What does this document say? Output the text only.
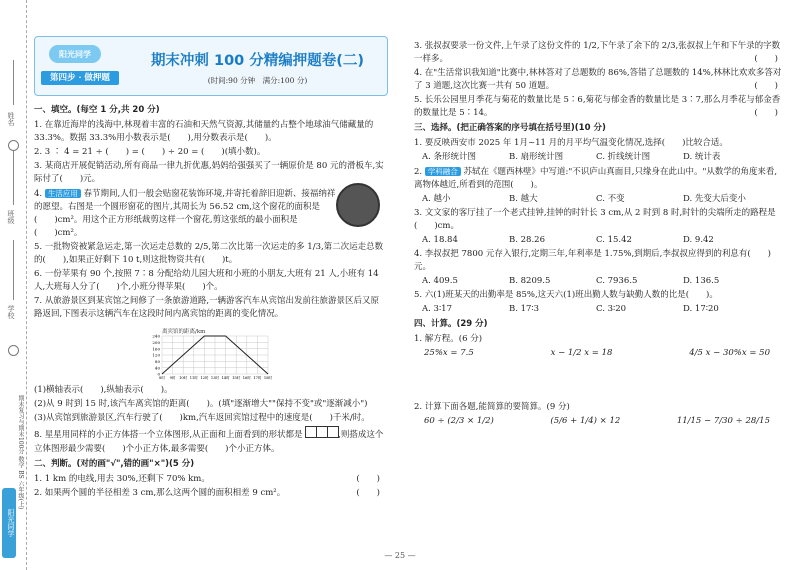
姓名
班级
学校
期末复习与期末100分 数学 BS 六年级(上)
阳光同学
阳光同学
第四步 · 做押题
期末冲刺 100 分精编押题卷(二)
(时间:90 分钟　满分:100 分)
一、填空。(每空 1 分,共 20 分)
1. 在靠近海岸的浅海中,林现着丰富的石油和天然气资源,其储量约占整个地球油气储藏量的 33.3%。数据 33.3%用小数表示是(　　),用分数表示是(　　)。
2. 3 ∶ 4 = 21 ÷ (　　) = (　　) ÷ 20 = (　　)(填小数)。
3. 某商店开展促销活动,所有商品一律九折优惠,妈妈给强强买了一辆原价是 80 元的滑板车,实际付了(　　)元。
4. 生活应用 春节期间,人们一般会贴窗花装饰环境,并寄托着辞旧迎新、接福纳祥的愿望。右图是一个圆形窗花的图片,其周长为 56.52 cm,这个窗花的面积是(　　)cm²。用这个正方形纸裁剪这样一个窗花,剪这张纸的最小面积是(　　)cm²。
5. 一批物资被紧急运走,第一次运走总数的 2/5,第二次比第一次运走的多 1/3,第二次运走总数的(　　),如果正好剩下 10 t,则这批物资共有(　　)t。
6. 一份苹果有 90 个,按照 7∶8 分配给幼儿园大班和小班的小朋友,大班有 21 人,小班有 14 人,大班每人分了(　　)个,小班分得苹果(　　)个。
7. 从旅游景区到某宾馆之间修了一条旅游道路,一辆游客汽车从宾馆出发前往旅游景区后又原路返回,下图表示这辆汽车在这段时间内离宾馆的距离的变化情况。
(1)横轴表示(　　),纵轴表示(　　)。
(2)从 9 时到 15 时,该汽车离宾馆的距离(　　)。(填"逐渐增大""保持不变"或"逐渐减小")
(3)从宾馆到旅游景区,汽车行驶了(　　)km,汽车返回宾馆过程中的速度是(　　)千米/时。
8. 星星用同样的小正方体搭一个立体图形,从正面和上面看到的形状都是	,则搭成这个立体图形最少需要(　　)个小正方体,最多需要(　　)个小正方体。
二、判断。(对的画"√",错的画"×")(5 分)
1. 1 km 的电线,用去 30%,还剩下 70% km。	(　　)
2. 如果两个圆的半径相差 3 cm,那么这两个圆的面积相差 9 cm²。	(　　)
离宾馆的距离/km
0
40
80
120
160
200
240
8时 9时 10时 11时 12时 13时 14时 15时 16时 17时 18时
3. 张叔叔要录一份文件,上午录了这份文件的 1/2,下午录了余下的 2/3,张叔叔上午和下午录的字数一样多。	(　　)
4. 在"生活常识我知道"比赛中,林林答对了总题数的 86%,答错了总题数的 14%,林林比欢欢多答对了 3 道题,这次比赛一共有 50 道题。	(　　)
5. 长乐公园里月季花与菊花的数量比是 5∶6,菊花与郁金香的数量比是 3∶7,那么月季花与郁金香的数量比是 5∶14。	(　　)
三、选择。(把正确答案的序号填在括号里)(10 分)
1. 要反映西安市 2025 年 1月~11 月的月平均气温变化情况,选择(　　)比较合适。
A. 条形统计图	B. 扇形统计图	C. 折线统计图	D. 统计表
2. 学科融合 苏轼在《题西林壁》中写道:"不识庐山真面目,只缘身在此山中。"从数学的角度来看,离物体越近,所看到的范围(　　)。
A. 越小	B. 越大	C. 不变	D. 先变大后变小
3. 文文家的客厅挂了一个老式挂钟,挂钟的时针长 3 cm,从 2 时到 8 时,时针的尖端所走的路程是(　　)cm。
A. 18.84	B. 28.26	C. 15.42	D. 9.42
4. 李叔叔把 7800 元存入银行,定期三年,年利率是 1.75%,到期后,李叔叔应得到的利息有(　　)元。
A. 409.5	B. 8209.5	C. 7936.5	D. 136.5
5. 六(1)班某天的出勤率是 85%,这天六(1)班出勤人数与缺勤人数的比是(　　)。
A. 3∶17	B. 17∶3	C. 3∶20	D. 17∶20
四、计算。(29 分)
1. 解方程。(6 分)
25%x = 7.5	x − 1/2 x = 18	4/5 x − 30%x = 50
2. 计算下面各题,能简算的要简算。(9 分)
60 ÷ (2/3 × 1/2)	(5/6 + 1/4) × 12	11/15 − 7/30 ÷ 28/15
— 25 —
